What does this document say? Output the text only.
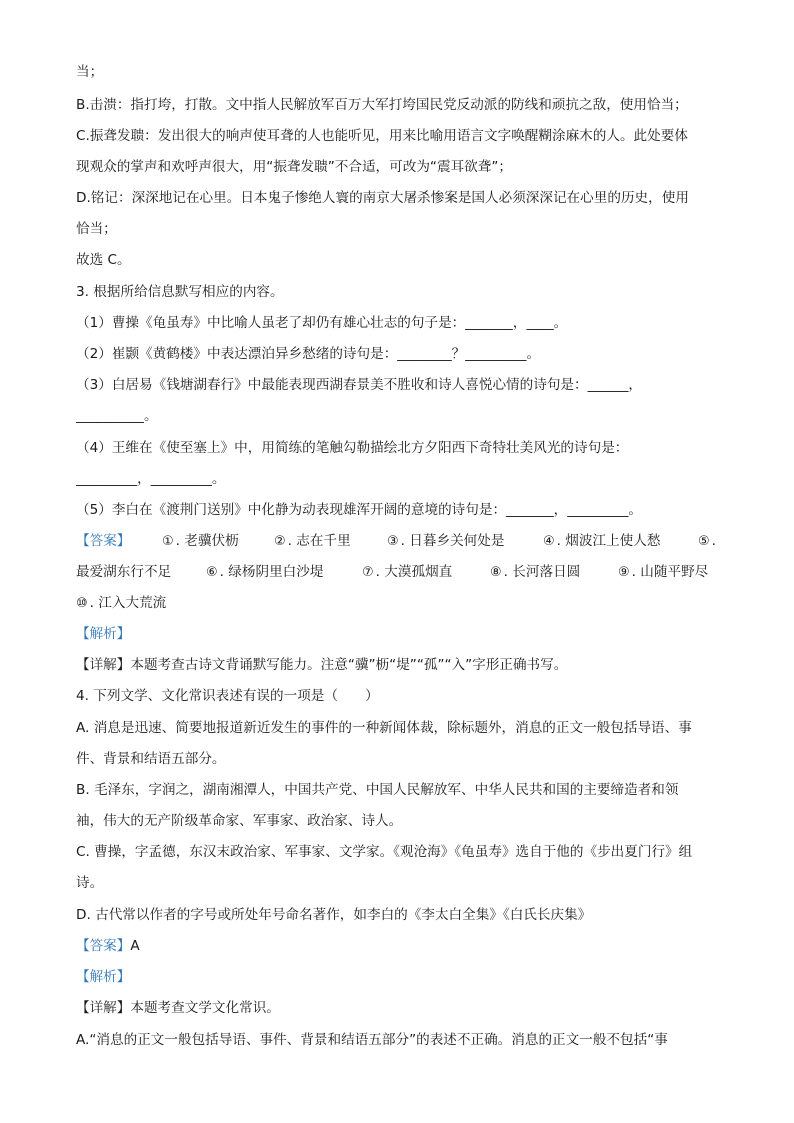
当；
B.击溃：指打垮，打散。文中指人民解放军百万大军打垮国民党反动派的防线和顽抗之敌，使用恰当；
C.振聋发聩：发出很大的响声使耳聋的人也能听见，用来比喻用语言文字唤醒糊涂麻木的人。此处要体
现观众的掌声和欢呼声很大，用“振聋发聩”不合适，可改为“震耳欲聋”；
D.铭记：深深地记在心里。日本鬼子惨绝人寰的南京大屠杀惨案是国人必须深深记在心里的历史，使用
恰当；
故选 C。
3. 根据所给信息默写相应的内容。
（1）曹操《龟虽寿》中比喻人虽老了却仍有雄心壮志的句子是：_______，____。
（2）崔颢《黄鹤楼》中表达漂泊异乡愁绪的诗句是：________？_________。
（3）白居易《钱塘湖春行》中最能表现西湖春景美不胜收和诗人喜悦心情的诗句是：______，
__________。
（4）王维在《使至塞上》中，用简练的笔触勾勒描绘北方夕阳西下奇特壮美风光的诗句是：
_________，_________。
（5）李白在《渡荆门送别》中化静为动表现雄浑开阔的意境的诗句是：_______，_________。
【答案】 ① . 老骥伏枥	② . 志在千里	③ . 日暮乡关何处是	④ . 烟波江上使人愁	⑤ .
最爱湖东行不足	⑥ . 绿杨阴里白沙堤	⑦ . 大漠孤烟直	⑧ . 长河落日圆	⑨ . 山随平野尽
⑩ . 江入大荒流
【解析】
【详解】本题考查古诗文背诵默写能力。注意“骥”枥“堤”“孤”“入”字形正确书写。
4. 下列文学、文化常识表述有误的一项是（　　）
A. 消息是迅速、简要地报道新近发生的事件的一种新闻体裁，除标题外，消息的正文一般包括导语、事
件、背景和结语五部分。
B. 毛泽东，字润之，湖南湘潭人，中国共产党、中国人民解放军、中华人民共和国的主要缔造者和领
袖，伟大的无产阶级革命家、军事家、政治家、诗人。
C. 曹操，字孟德，东汉末政治家、军事家、文学家。《观沧海》《龟虽寿》选自于他的《步出夏门行》组
诗。
D. 古代常以作者的字号或所处年号命名著作，如李白的《李太白全集》《白氏长庆集》
【答案】A
【解析】
【详解】本题考查文学文化常识。
A.“消息的正文一般包括导语、事件、背景和结语五部分”的表述不正确。消息的正文一般不包括“事
